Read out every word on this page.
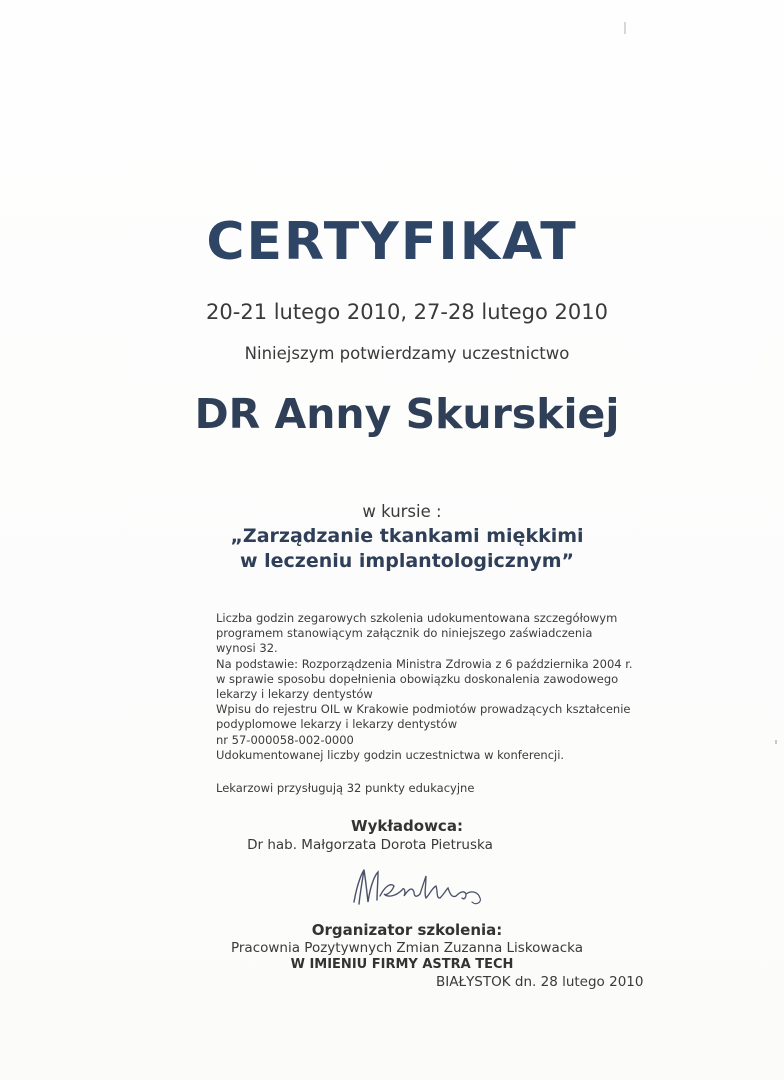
CERTYFIKAT
20-21 lutego 2010, 27-28 lutego 2010
Niniejszym potwierdzamy uczestnictwo
DR Anny Skurskiej
w kursie :
„Zarządzanie tkankami miękkimi
w leczeniu implantologicznym”
Liczba godzin zegarowych szkolenia udokumentowana szczegółowym
programem stanowiącym załącznik do niniejszego zaświadczenia
wynosi 32.
Na podstawie: Rozporządzenia Ministra Zdrowia z 6 października 2004 r.
w sprawie sposobu dopełnienia obowiązku doskonalenia zawodowego
lekarzy i lekarzy dentystów
Wpisu do rejestru OIL w Krakowie podmiotów prowadzących kształcenie
podyplomowe lekarzy i lekarzy dentystów
nr 57-000058-002-0000
Udokumentowanej liczby godzin uczestnictwa w konferencji.
Lekarzowi przysługują 32 punkty edukacyjne
Wykładowca:
Dr hab. Małgorzata Dorota Pietruska
Organizator szkolenia:
Pracownia Pozytywnych Zmian Zuzanna Liskowacka
W IMIENIU FIRMY ASTRA TECH
BIAŁYSTOK dn. 28 lutego 2010
